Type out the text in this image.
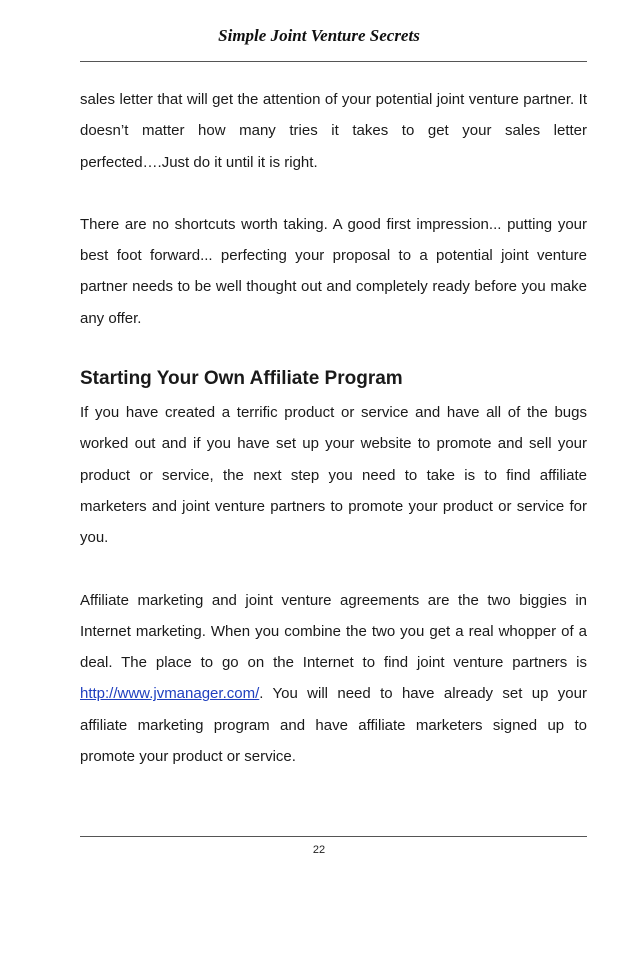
Simple Joint Venture Secrets

sales letter that will get the attention of your potential joint venture partner. It doesn’t matter how many tries it takes to get your sales letter perfected….Just do it until it is right.

There are no shortcuts worth taking. A good first impression... putting your best foot forward... perfecting your proposal to a potential joint venture partner needs to be well thought out and completely ready before you make any offer.

Starting Your Own Affiliate Program

If you have created a terrific product or service and have all of the bugs worked out and if you have set up your website to promote and sell your product or service, the next step you need to take is to find affiliate marketers and joint venture partners to promote your product or service for you.

Affiliate marketing and joint venture agreements are the two biggies in Internet marketing. When you combine the two you get a real whopper of a deal. The place to go on the Internet to find joint venture partners is http://www.jvmanager.com/. You will need to have already set up your affiliate marketing program and have affiliate marketers signed up to promote your product or service.

22
